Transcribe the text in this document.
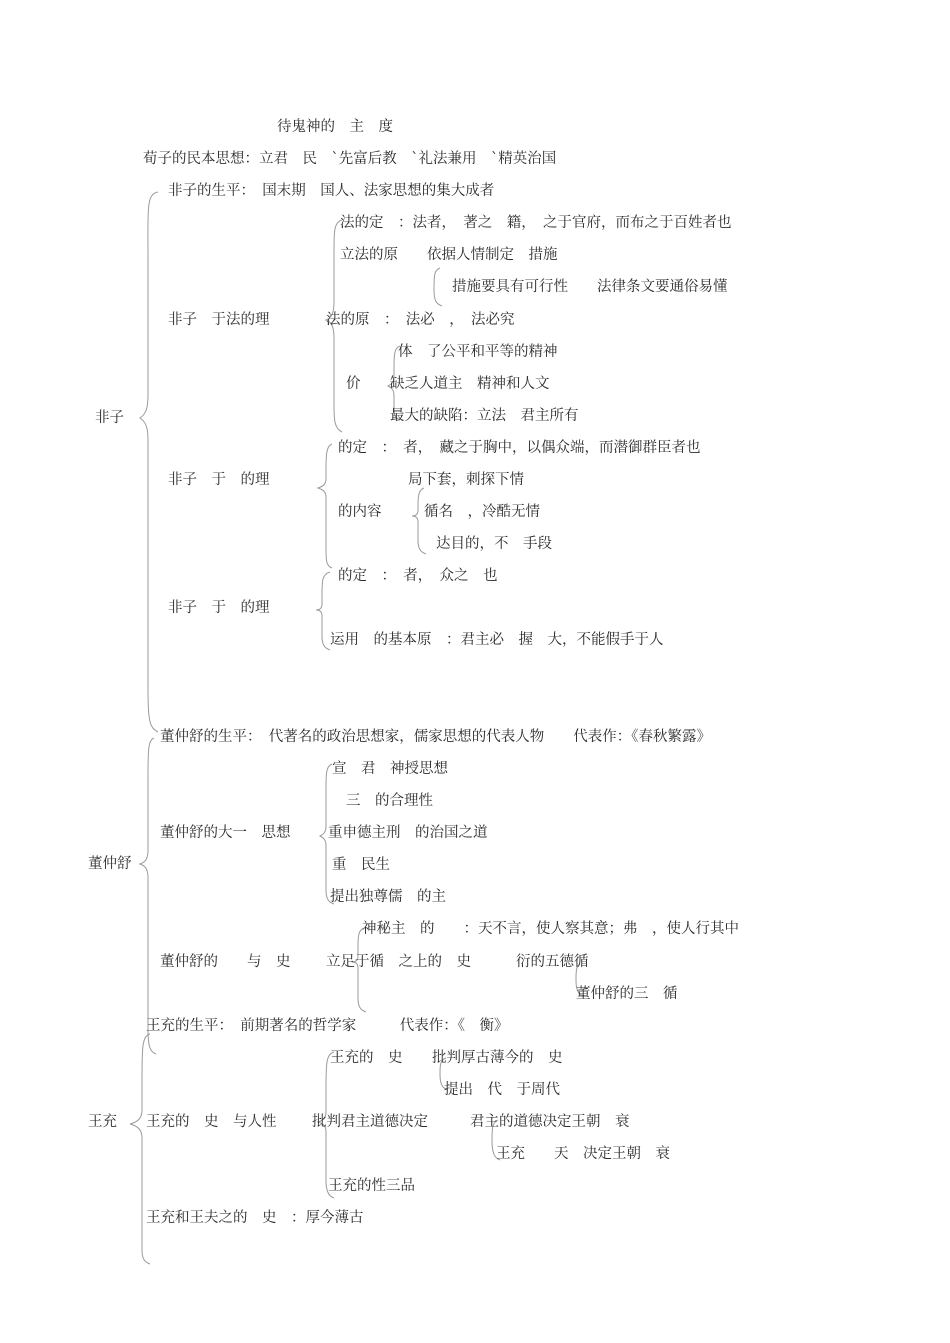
待鬼神的　主　度
荀子的民本思想：立君　民　`先富后教　`礼法兼用　`精英治国
非子
非子的生平：　国末期　国人、法家思想的集大成者
非子　于法的理
法的定　：法者，　著之　籍，　之于官府，而布之于百姓者也
立法的原　　依据人情制定　措施
措施要具有可行性　　法律条文要通俗易懂
法的原　：　法必　，　法必究
价
体　了公平和平等的精神
缺乏人道主　精神和人文
最大的缺陷：立法　君主所有
非子　于　的理
的定　：　者，　藏之于胸中，以偶众端，而潜御群臣者也
的内容
局下套，刺探下情
循名　，冷酷无情
达目的，不　手段
非子　于　的理
的定　：　者，　众之　也
运用　的基本原　：君主必　握　大，不能假手于人
董仲舒
董仲舒的生平：　代著名的政治思想家，儒家思想的代表人物　　代表作：《春秋繁露》
董仲舒的大一　思想
宣　君　神授思想
三　的合理性
重申德主刑　的治国之道
重　民生
提出独尊儒　的主
董仲舒的　　与　史
神秘主　的　　：天不言，使人察其意；弗　，使人行其中
立足于循　之上的　史	衍的五德循
董仲舒的三　循
王充
王充的生平：　前期著名的哲学家　　　代表作：《　衡》
王充的　史　与人性
王充的　史 批判厚古薄今的　史
提出　代　于周代
批判君主道德决定	君主的道德决定王朝　衰
王充　　天　决定王朝　衰
王充的性三品
王充和王夫之的　史　：厚今薄古
